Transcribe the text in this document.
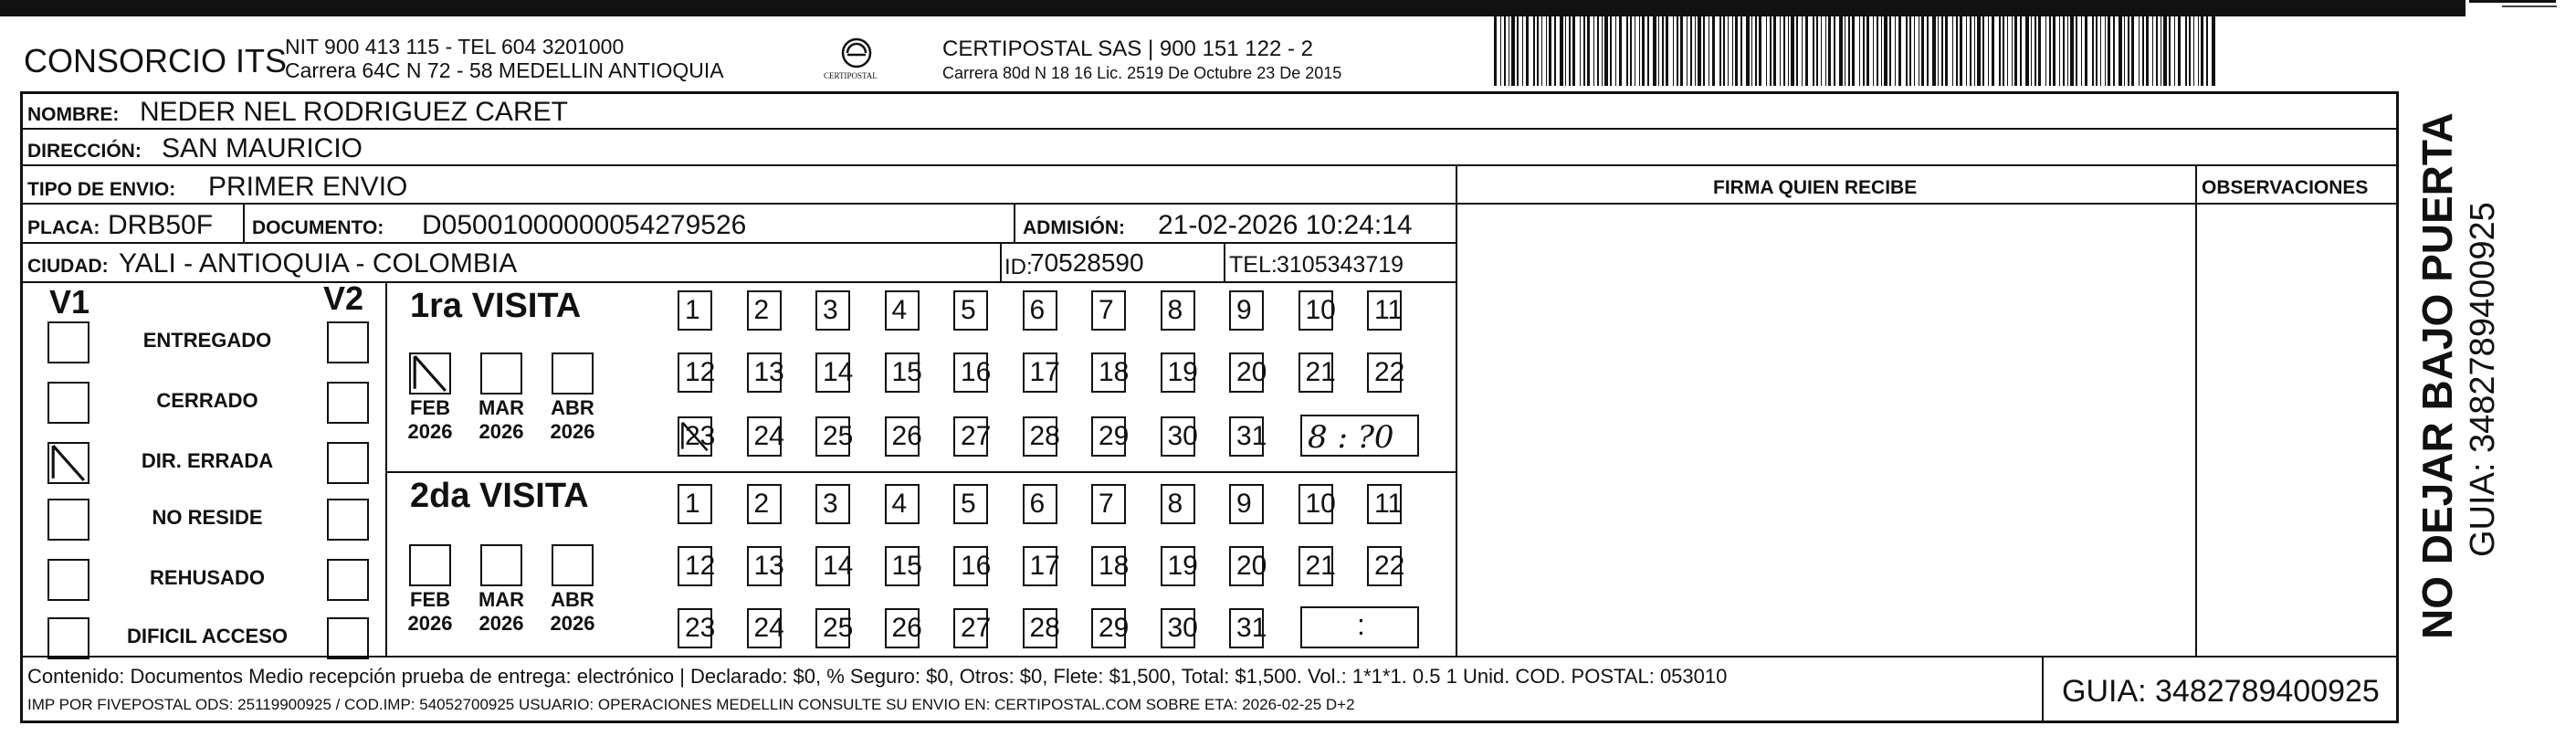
CONSORCIO ITS
NIT 900 413 115 - TEL 604 3201000
Carrera 64C N 72 - 58 MEDELLIN ANTIOQUIA	CERTIPOSTAL
CERTIPOSTAL SAS | 900 151 122 - 2
Carrera 80d N 18 16 Lic. 2519 De Octubre 23 De 2015
NOMBRE: NEDER NEL RODRIGUEZ CARET
DIRECCIÓN: SAN MAURICIO
TIPO DE ENVIO: PRIMER ENVIO	FIRMA QUIEN RECIBE	OBSERVACIONES
PLACA: DRB50F DOCUMENTO: D05001000000054279526	ADMISIÓN: 21-02-2026 10:24:14
CIUDAD: YALI - ANTIOQUIA - COLOMBIA	ID:
70528590	TEL: 3105343719
V1	V2 1ra VISITA
2da VISITA
8 : ?0
:
Contenido: Documentos Medio recepción prueba de entrega: electrónico | Declarado: $0, % Seguro: $0, Otros: $0, Flete: $1,500, Total: $1,500. Vol.: 1*1*1. 0.5 1 Unid. COD. POSTAL: 053010
IMP POR FIVEPOSTAL ODS: 25119900925 / COD.IMP: 54052700925 USUARIO: OPERACIONES MEDELLIN CONSULTE SU ENVIO EN: CERTIPOSTAL.COM SOBRE ETA: 2026-02-25 D+2	GUIA: 3482789400925
NO DEJAR BAJO PUERTA GUIA: 3482789400925
ENTREGADO
CERRADO
DIR. ERRADA
NO RESIDE
REHUSADO
DIFICIL ACCESO
FEB
2026
MAR
2026
ABR
2026
FEB
2026
MAR
2026
ABR
2026
1	2	3	4	5	6	7	8	9	10 11
12 13 14 15 16 17 18 19 20 21 22
23 24 25 26 27 28 29 30 31
1	2	3	4	5	6	7	8	9	10 11
12 13 14 15 16 17 18 19 20 21 22
23 24 25 26 27 28 29 30 31
